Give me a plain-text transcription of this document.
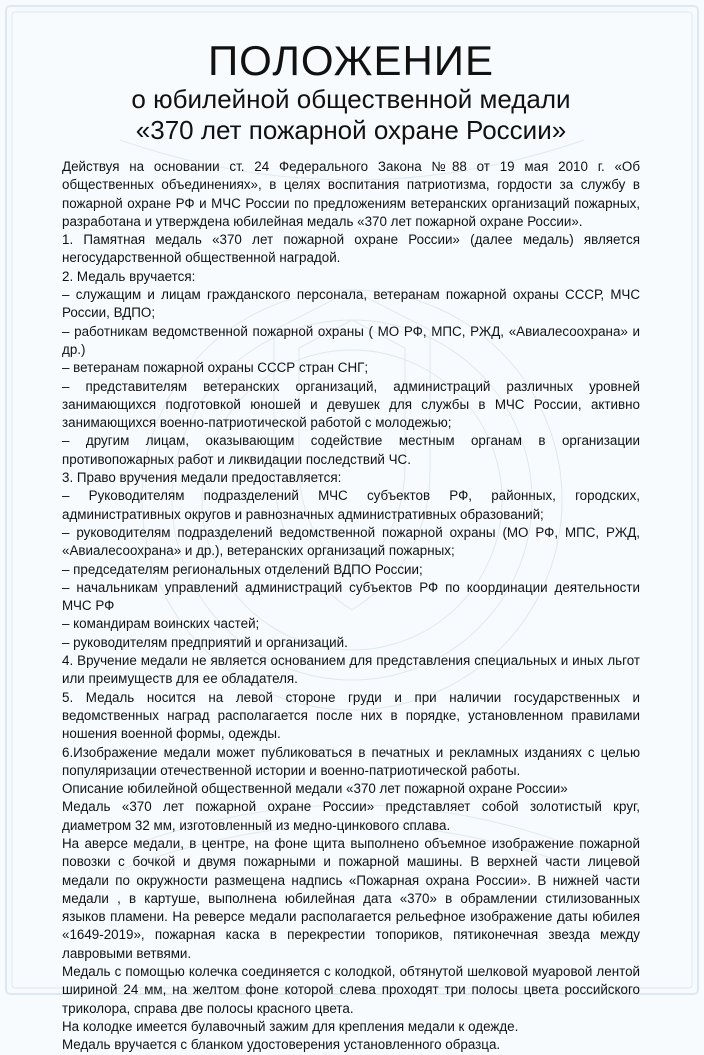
ПОЛОЖЕНИЕ

о юбилейной общественной медали

«370 лет пожарной охране России»

Действуя на основании ст. 24 Федерального Закона №88 от 19 мая 2010 г. «Об общественных объединениях», в целях воспитания патриотизма, гордости за службу в пожарной охране РФ и МЧС России по предложениям ветеранских организаций пожарных, разработана и утверждена юбилейная медаль «370 лет пожарной охране России».

1. Памятная медаль «370 лет пожарной охране России» (далее медаль) является негосударственной общественной наградой.

2. Медаль вручается:

– служащим и лицам гражданского персонала, ветеранам пожарной охраны СССР, МЧС России, ВДПО;

– работникам ведомственной пожарной охраны ( МО РФ, МПС, РЖД, «Авиалесоохрана» и др.)

– ветеранам пожарной охраны СССР стран СНГ;

– представителям ветеранских организаций, администраций различных уровней занимающихся подготовкой юношей и девушек для службы в МЧС России, активно занимающихся военно-патриотической работой с молодежью;

– другим лицам, оказывающим содействие местным органам в организации противопожарных работ и ликвидации последствий ЧС.

3. Право вручения медали предоставляется:

– Руководителям подразделений МЧС субъектов РФ, районных, городских, административных округов и равнозначных административных образований;

– руководителям подразделений ведомственной пожарной охраны (МО РФ, МПС, РЖД, «Авиалесоохрана» и др.), ветеранских организаций пожарных;

– председателям региональных отделений ВДПО России;

– начальникам управлений администраций субъектов РФ по координации деятельности МЧС РФ

– командирам воинских частей;

– руководителям предприятий и организаций.

4. Вручение медали не является основанием для представления специальных и иных льгот или преимуществ для ее обладателя.

5. Медаль носится на левой стороне груди и при наличии государственных и ведомственных наград располагается после них в порядке, установленном правилами ношения военной формы, одежды.

6.Изображение медали может публиковаться в печатных и рекламных изданиях с целью популяризации отечественной истории и военно-патриотической работы.

Описание юбилейной общественной медали «370 лет пожарной охране России»

Медаль «370 лет пожарной охране России» представляет собой золотистый круг, диаметром 32 мм, изготовленный из медно-цинкового сплава.

На аверсе медали, в центре, на фоне щита выполнено объемное изображение пожарной повозки с бочкой и двумя пожарными и пожарной машины. В верхней части лицевой медали по окружности размещена надпись «Пожарная охрана России». В нижней части медали , в картуше, выполнена юбилейная дата «370» в обрамлении стилизованных языков пламени. На реверсе медали располагается рельефное изображение даты юбилея «1649-2019», пожарная каска в перекрестии топориков, пятиконечная звезда между лавровыми ветвями.

Медаль с помощью колечка соединяется с колодкой, обтянутой шелковой муаровой лентой шириной 24 мм, на желтом фоне которой слева проходят три полосы цвета российского триколора, справа две полосы красного цвета.

На колодке имеется булавочный зажим для крепления медали к одежде.

Медаль вручается с бланком удостоверения установленного образца.
